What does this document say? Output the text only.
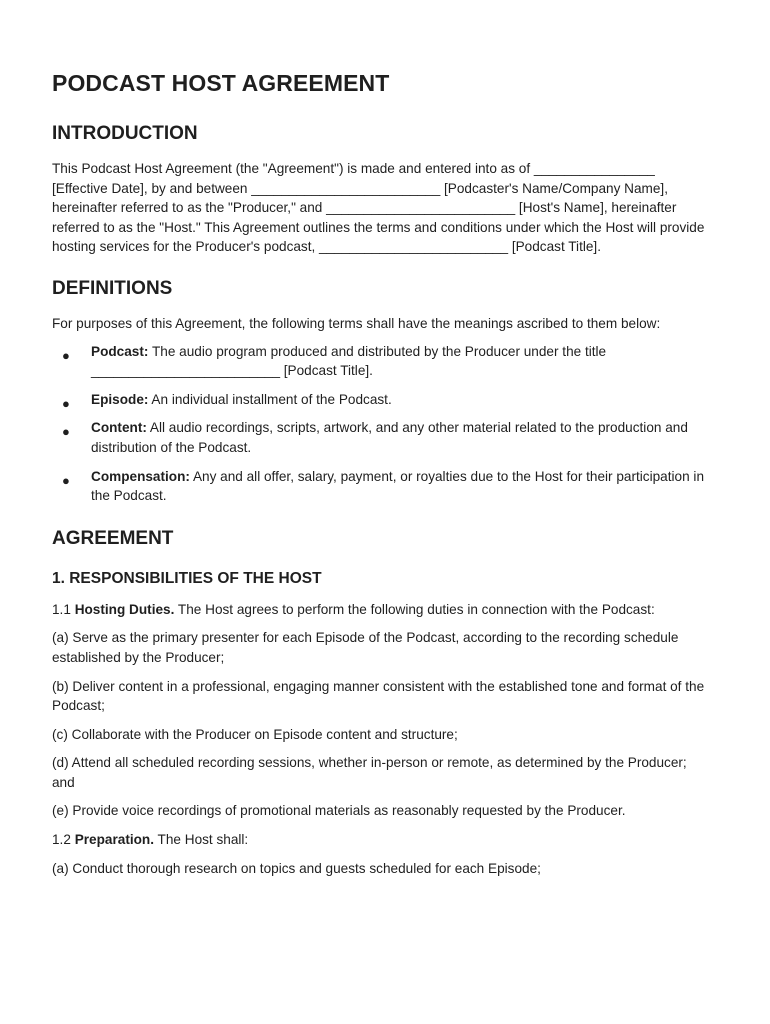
PODCAST HOST AGREEMENT
INTRODUCTION

This Podcast Host Agreement (the "Agreement") is made and entered into as of ________________ [Effective Date], by and between _________________________ [Podcaster's Name/Company Name], hereinafter referred to as the "Producer," and _________________________ [Host's Name], hereinafter referred to as the "Host." This Agreement outlines the terms and conditions under which the Host will provide hosting services for the Producer's podcast, _________________________ [Podcast Title].

DEFINITIONS

For purposes of this Agreement, the following terms shall have the meanings ascribed to them below:

● Podcast: The audio program produced and distributed by the Producer under the title _________________________ [Podcast Title].
● Episode: An individual installment of the Podcast.
● Content: All audio recordings, scripts, artwork, and any other material related to the production and distribution of the Podcast.
● Compensation: Any and all offer, salary, payment, or royalties due to the Host for their participation in the Podcast.
AGREEMENT
1. RESPONSIBILITIES OF THE HOST

1.1 Hosting Duties. The Host agrees to perform the following duties in connection with the Podcast:

(a) Serve as the primary presenter for each Episode of the Podcast, according to the recording schedule established by the Producer;

(b) Deliver content in a professional, engaging manner consistent with the established tone and format of the Podcast;

(c) Collaborate with the Producer on Episode content and structure;

(d) Attend all scheduled recording sessions, whether in-person or remote, as determined by the Producer; and

(e) Provide voice recordings of promotional materials as reasonably requested by the Producer.

1.2 Preparation. The Host shall:

(a) Conduct thorough research on topics and guests scheduled for each Episode;
